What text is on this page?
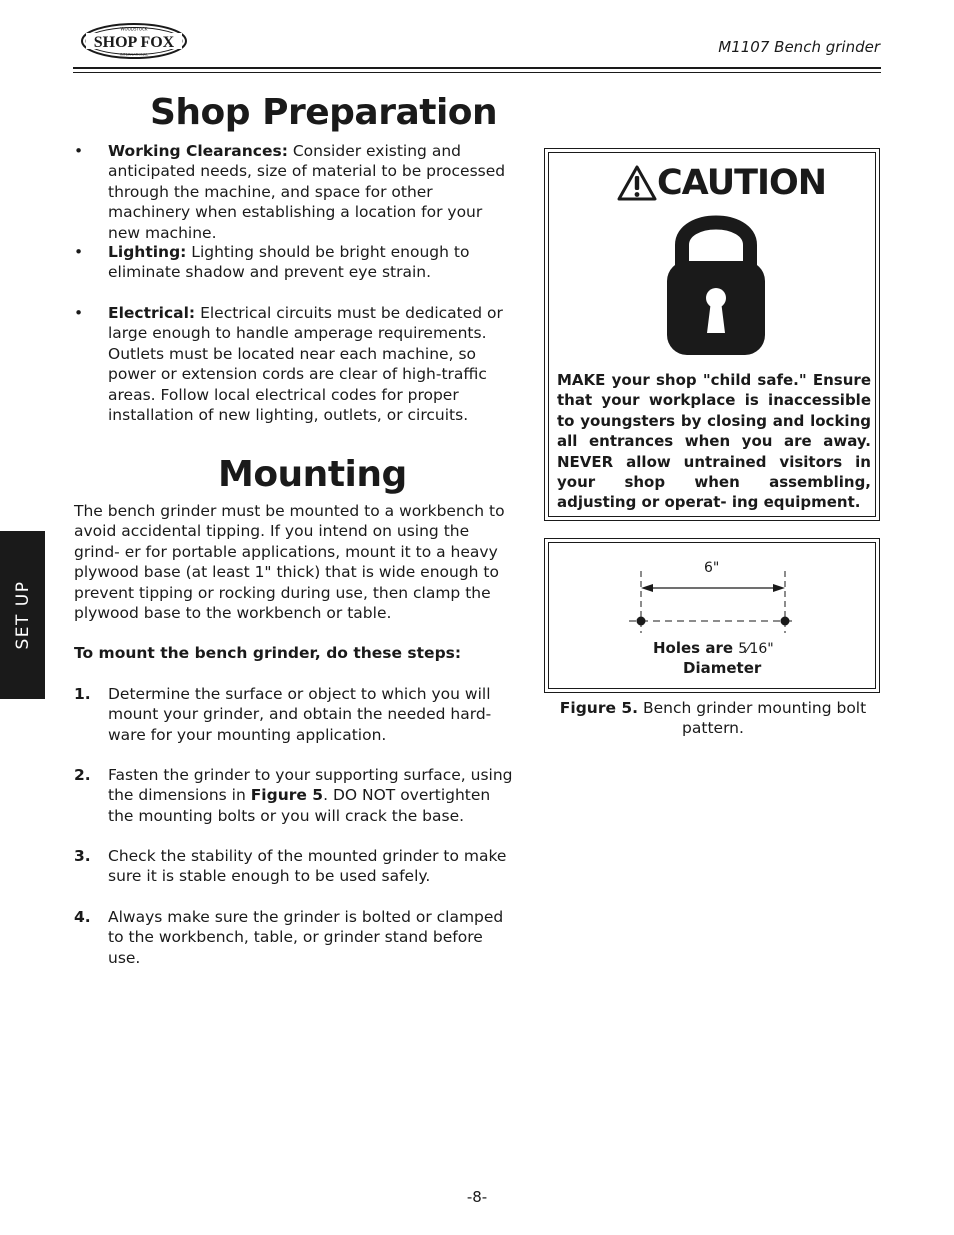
SHOP FOX
WOODSTOCK
INTERNATIONAL	M1107 Bench grinder
SET UP
Shop Preparation
• Working Clearances: Consider existing and anticipated needs, size of material to be processed through the machine, and space for other machinery when establishing a location for your new machine.
• Lighting: Lighting should be bright enough to eliminate shadow and prevent eye strain.
• Electrical: Electrical circuits must be dedicated or large enough to handle amperage requirements. Outlets must be located near each machine, so power or extension cords are clear of high-traffic areas. Follow local electrical codes for proper installation of new lighting, outlets, or circuits.
Mounting
The bench grinder must be mounted to a workbench to avoid accidental tipping. If you intend on using the grind- er for portable applications, mount it to a heavy plywood base (at least 1" thick) that is wide enough to prevent tipping or rocking during use, then clamp the plywood base to the workbench or table.
To mount the bench grinder, do these steps:
1. Determine the surface or object to which you will mount your grinder, and obtain the needed hard- ware for your mounting application.
2. Fasten the grinder to your supporting surface, using the dimensions in Figure 5. DO NOT overtighten the mounting bolts or you will crack the base.
3. Check the stability of the mounted grinder to make sure it is stable enough to be used safely.
4. Always make sure the grinder is bolted or clamped to the workbench, table, or grinder stand before use.
CAUTION
MAKE your shop "child safe." Ensure that your workplace is inaccessible to youngsters by closing and locking all entrances when you are away. NEVER allow untrained visitors in your shop when assembling, adjusting or operat- ing equipment.
6"
Holes are 5⁄16"
Diameter
Figure 5. Bench grinder mounting bolt pattern.
-8-
